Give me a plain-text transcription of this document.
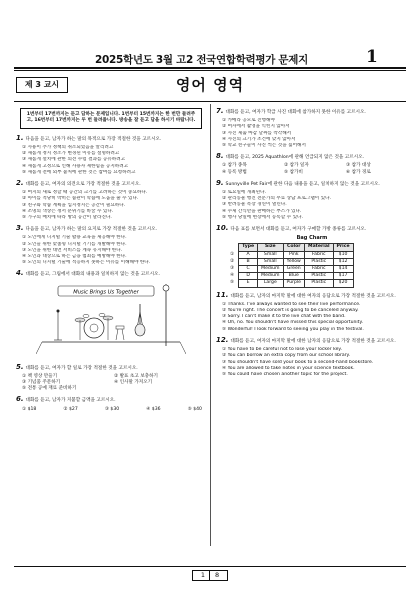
2025학년도 3월 고2 전국연합학력평가 문제지	1
제 3 교시	영어 영역
1번부터 17번까지는 듣고 답하는 문제입니다. 1번부터 15번까지는 한 번만 들려주고, 16번부터 17번까지는 두 번 들려줍니다. 방송을 잘 듣고 답을 하시기 바랍니다.
1. 다음을 듣고, 남자가 하는 말의 목적으로 가장 적절한 것을 고르시오.
① 사용이 추가 정책의 취소되었음을 알리려고
② 새롭게 정지 정소가 변경된 이유를 설명하려고
③ 새롭게 설치에 관한 의견 수렴 결과를 공유하려고
④ 새롭게 고정으로 인해 사용자 제한됨을 공지하려고
⑤ 새롭게 전에 외부 불처에 관한 것은 참여를 요청하려고
2. 대화를 듣고, 여자의 의견으로 가장 적절한 것을 고르시오.
① 여지의 새로 정할 때 공간의 크기를 고려하는 것이 중요하다.
② 아이를 적당히 박히는 습관이 학습에 도움을 줄 수 있다.
③ 친구와 학습 계획을 입지정지는 공간이 필요하다.
④ 조명의 색상은 정서 분위기를 바꿀 수 있다.
⑤ 가구의 배치에 따라 방의 공간이 달라진다.
3. 다음을 듣고, 남자가 하는 말의 요지로 가장 적절한 것을 고르시오.
① 노인에게 디지털 기술 활용 교육을 제공해야 한다.
② 노인들 위한 맞춤형 디지털 기기를 개발해야 한다.
③ 노인을 위한 대면 서비스를 계속 유지해야 한다.
④ 노인과 대상으로 하는 금융 범죄를 예방해야 한다.
⑤ 노인의 디지털 기술에 적응하지 못하는 이유를 이해해야 한다.
4. 대화를 듣고, 그림에서 대화의 내용과 일치하지 않는 것을 고르시오.
Music Brings Us Together
5. 대화를 듣고, 여자가 할 일로 가장 적절한 것을 고르시오.
① 책 영상 만들기	② 발표 초고 보충하기
③ 기념품 주문하기	④ 인사말 가져오기
⑤ 전통 공예 재료 준비하기
6. 대화를 듣고, 남자가 지불할 금액을 고르시오.
① $18	② $27	③ $30	④ $36	⑤ $40
7. 대화를 듣고, 여자가 학급 사진 대회에 참가하지 못한 이유를 고르시오.
① 카메라 공모로 진행해야
② 여자에서 촬영을 익힌지 않아서
③ 사진 제출 마감 날짜를 착각해서
④ 사진의 크기가 조건에 맞지 않아서
⑤ 학교 친구들이 사진 찍는 것을 싫어해서
8. 대화를 듣고, 2025 Aquathlon에 관해 언급되지 않은 것을 고르시오.
① 참가 종목	② 참가 일자	③ 참가 대상
④ 등록 방법	⑤ 참가비	⑥ 참가 경로
9. Sunnyville Pet Fair에 관한 다음 내용을 듣고, 일치하지 않는 것을 고르시오.
① 토요일에 개최된다.
② 관리동물 행진 전문가의 무료 상담 프로그램이 있다.
③ 반려동물 복장 경연이 열린다.
④ 수제 간식만을 판매하는 부스가 있다.
⑤ 행사 당일에 현장에서 등록할 수 있다.
10. 다음 표를 보면서 대화를 듣고, 여자가 구매할 가방 종류를 고르시오.
Bag Charm
	Type	Size	Color	Material	Price
①	A	Small	Pink	Fabric	$10
②	B	Small	Yellow	Plastic	$12
③	C	Medium	Green	Fabric	$14
④	D	Medium	Blue	Plastic	$17
⑤	E	Large	Purple	Plastic	$20
11. 대화를 듣고, 남자의 마지막 말에 대한 여자의 응답으로 가장 적절한 것을 고르시오.
① Thanks. I've always wanted to see their live performance.
② You're right. The concert is going to be canceled anyway.
③ Sorry. I can't make it to the live chat with the band.
④ Oh, no. You shouldn't have missed this special opportunity.
⑤ Wonderful! I look forward to seeing you play in the festival.
12. 대화를 듣고, 여자의 마지막 말에 대한 남자의 응답으로 가장 적절한 것을 고르시오.
① You have to be careful not to lose your locker key.
② You can borrow an extra copy from our school library.
③ You shouldn't have sold your book to a second-hand bookstore.
④ You are allowed to take notes in your science textbook.
⑤ You could have chosen another topic for the project.
1 8
